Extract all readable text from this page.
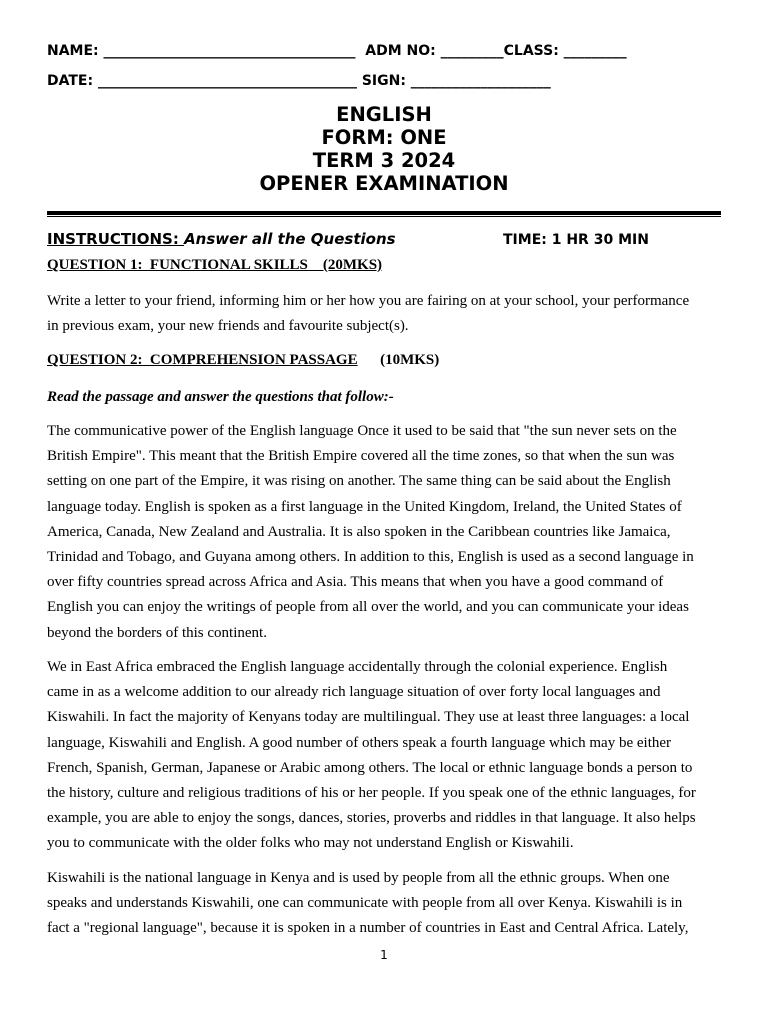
NAME: ____________________________________  ADM NO: _________CLASS: _________
DATE: _____________________________________ SIGN: ____________________
ENGLISH
FORM: ONE
TERM 3 2024
OPENER EXAMINATION
INSTRUCTIONS: Answer all the Questions	TIME: 1 HR 30 MIN
QUESTION 1:  FUNCTIONAL SKILLS    (20MKS)
Write a letter to your friend, informing him or her how you are fairing on at your school, your performance
in previous exam, your new friends and favourite subject(s).
QUESTION 2:  COMPREHENSION PASSAGE      (10MKS)
Read the passage and answer the questions that follow:-
The communicative power of the English language Once it used to be said that "the sun never sets on the
British Empire". This meant that the British Empire covered all the time zones, so that when the sun was
setting on one part of the Empire, it was rising on another. The same thing can be said about the English
language today. English is spoken as a first language in the United Kingdom, Ireland, the United States of
America, Canada, New Zealand and Australia. It is also spoken in the Caribbean countries like Jamaica,
Trinidad and Tobago, and Guyana among others. In addition to this, English is used as a second language in
over fifty countries spread across Africa and Asia. This means that when you have a good command of
English you can enjoy the writings of people from all over the world, and you can communicate your ideas
beyond the borders of this continent.
We in East Africa embraced the English language accidentally through the colonial experience. English
came in as a welcome addition to our already rich language situation of over forty local languages and
Kiswahili. In fact the majority of Kenyans today are multilingual. They use at least three languages: a local
language, Kiswahili and English. A good number of others speak a fourth language which may be either
French, Spanish, German, Japanese or Arabic among others. The local or ethnic language bonds a person to
the history, culture and religious traditions of his or her people. If you speak one of the ethnic languages, for
example, you are able to enjoy the songs, dances, stories, proverbs and riddles in that language. It also helps
you to communicate with the older folks who may not understand English or Kiswahili.
Kiswahili is the national language in Kenya and is used by people from all the ethnic groups. When one
speaks and understands Kiswahili, one can communicate with people from all over Kenya. Kiswahili is in
fact a "regional language", because it is spoken in a number of countries in East and Central Africa. Lately,
1
